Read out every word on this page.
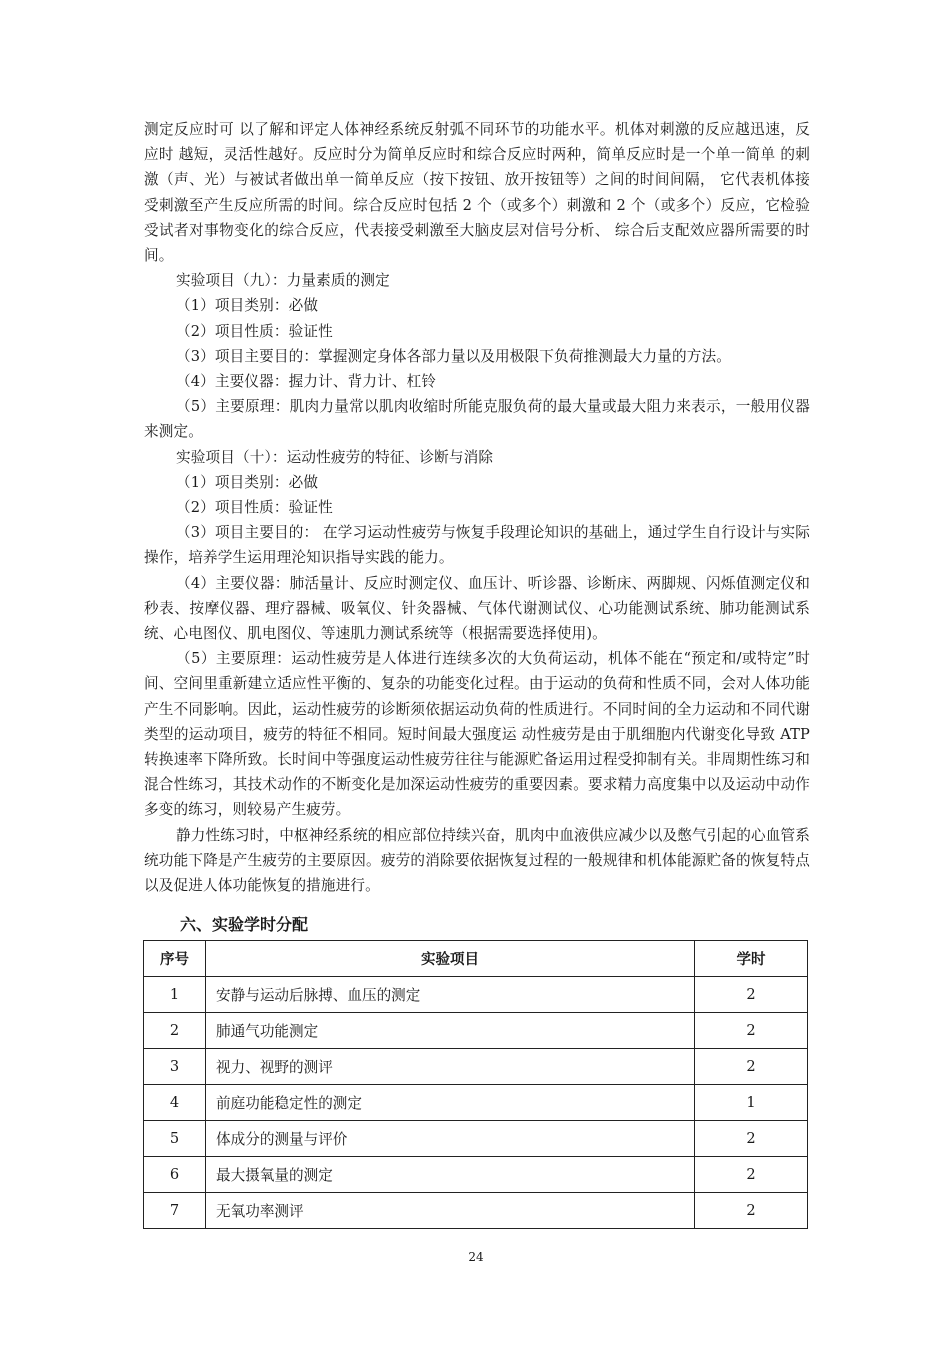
测定反应时可 以了解和评定人体神经系统反射弧不同环节的功能水平。机体对刺激的反应越迅速，反应时 越短，灵活性越好。反应时分为简单反应时和综合反应时两种，简单反应时是一个单一简单 的刺激（声、光）与被试者做出单一简单反应（按下按钮、放开按钮等）之间的时间间隔， 它代表机体接受刺激至产生反应所需的时间。综合反应时包括 2 个（或多个）刺激和 2 个（或多个）反应，它检验受试者对事物变化的综合反应，代表接受刺激至大脑皮层对信号分析、 综合后支配效应器所需要的时间。

实验项目（九）：力量素质的测定

（1）项目类别：必做

（2）项目性质：验证性

（3）项目主要目的：掌握测定身体各部力量以及用极限下负荷推测最大力量的方法。

（4）主要仪器：握力计、背力计、杠铃

（5）主要原理：肌肉力量常以肌肉收缩时所能克服负荷的最大量或最大阻力来表示，一般用仪器来测定。

实验项目（十）：运动性疲劳的特征、诊断与消除

（1）项目类别：必做

（2）项目性质：验证性

（3）项目主要目的： 在学习运动性疲劳与恢复手段理论知识的基础上，通过学生自行设计与实际操作，培养学生运用理沦知识指导实践的能力。

（4）主要仪器：肺活量计、反应时测定仪、血压计、听诊器、诊断床、两脚规、闪烁值测定仪和秒表、按摩仪器、理疗器械、吸氧仪、针灸器械、气体代谢测试仪、心功能测试系统、肺功能测试系统、心电图仪、肌电图仪、等速肌力测试系统等（根据需要选择使用)。

（5）主要原理：运动性疲劳是人体进行连续多次的大负荷运动，机体不能在“预定和/或特定”时间、空间里重新建立适应性平衡的、复杂的功能变化过程。由于运动的负荷和性质不同，会对人体功能产生不同影响。因此，运动性疲劳的诊断须依据运动负荷的性质进行。不同时间的全力运动和不同代谢类型的运动项目，疲劳的特征不相同。短时间最大强度运 动性疲劳是由于肌细胞内代谢变化导致 ATP 转换速率下降所致。长时间中等强度运动性疲劳往往与能源贮备运用过程受抑制有关。非周期性练习和混合性练习，其技术动作的不断变化是加深运动性疲劳的重要因素。要求精力高度集中以及运动中动作多变的练习，则较易产生疲劳。

静力性练习时，中枢神经系统的相应部位持续兴奋，肌肉中血液供应减少以及憋气引起的心血管系统功能下降是产生疲劳的主要原因。疲劳的消除要依据恢复过程的一般规律和机体能源贮备的恢复特点以及促进人体功能恢复的措施进行。

六、实验学时分配
序号	实验项目	学时
1	安静与运动后脉搏、血压的测定	2
2	肺通气功能测定	2
3	视力、视野的测评	2
4	前庭功能稳定性的测定	1
5	体成分的测量与评价	2
6	最大摄氧量的测定	2
7	无氧功率测评	2
24
